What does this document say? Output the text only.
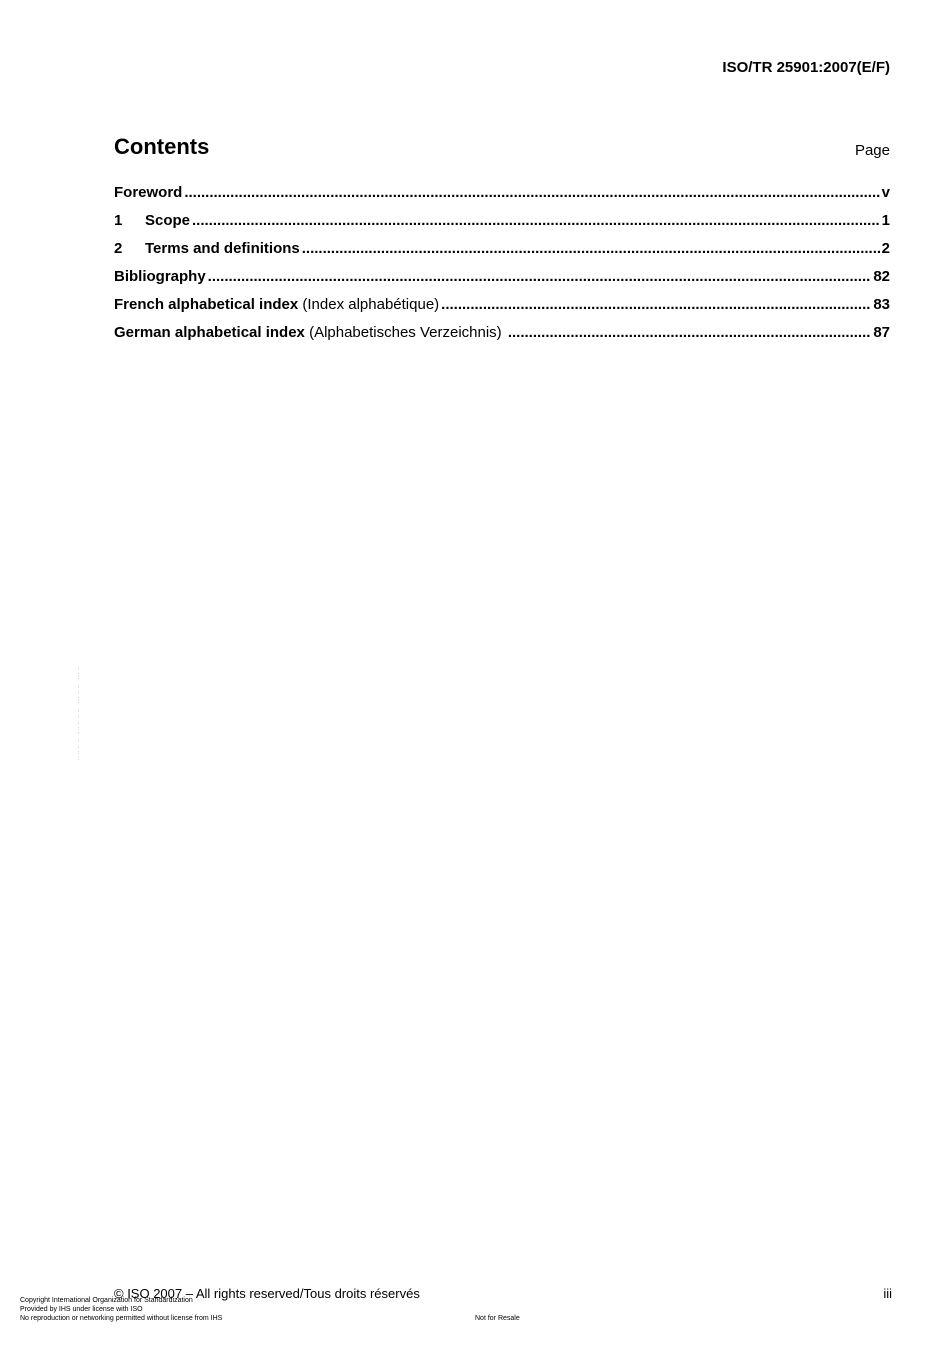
ISO/TR 25901:2007(E/F)
Contents	Page
Foreword .....	v
1	Scope .....	1
2	Terms and definitions .....	2
Bibliography .....	82
French alphabetical index (Index alphabétique) .....	83
German alphabetical index (Alphabetisches Verzeichnis) .....	87
: : ' : : : ' : : : : ' : : : :
© ISO 2007 – All rights reserved/Tous droits réservés	iii
Copyright International Organization for Standardization
Provided by IHS under license with ISO
No reproduction or networking permitted without license from IHS	Not for Resale
